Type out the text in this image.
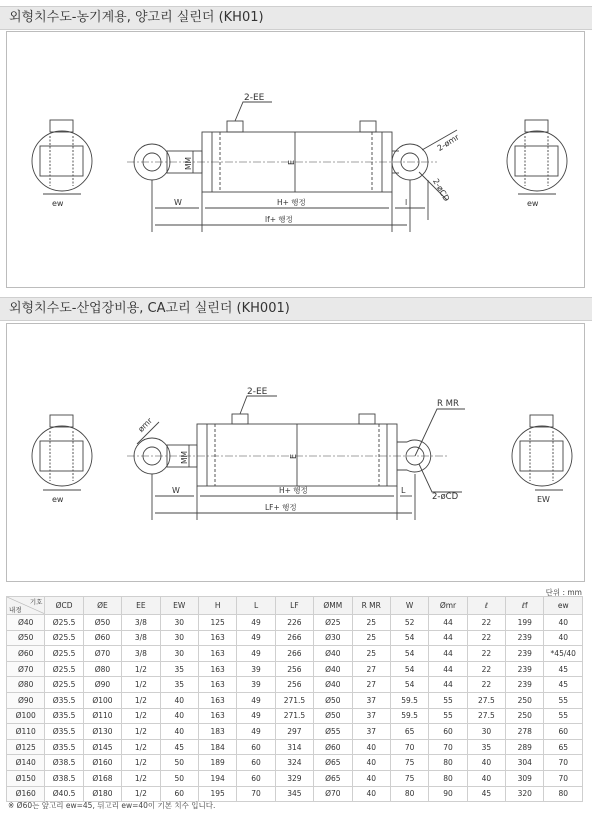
외형치수도-농기계용, 양고리 실린더 (KH01)
2-EE
MM	E
W	H+ 행정	l
lf+ 행정
2-ømr
2-øCD
ew	ew
외형치수도-산업장비용, CA고리 실린더 (KH001)
2-EE
MM	E
W	H+ 행정	L
LF+ 행정
ømr
R MR
2-øCD
ew	EW
단위 : mm
기호
내경	ØCD	ØE	EE	EW	H	L	LF	ØMM	R MR	W	Ømr	ℓ	ℓf	ew
Ø40	Ø25.5	Ø50	3/8	30	125	49	226	Ø25	25	52	44	22	199	40
Ø50	Ø25.5	Ø60	3/8	30	163	49	266	Ø30	25	54	44	22	239	40
Ø60	Ø25.5	Ø70	3/8	30	163	49	266	Ø40	25	54	44	22	239	*45/40
Ø70	Ø25.5	Ø80	1/2	35	163	39	256	Ø40	27	54	44	22	239	45
Ø80	Ø25.5	Ø90	1/2	35	163	39	256	Ø40	27	54	44	22	239	45
Ø90	Ø35.5	Ø100	1/2	40	163	49	271.5	Ø50	37	59.5	55	27.5	250	55
Ø100	Ø35.5	Ø110	1/2	40	163	49	271.5	Ø50	37	59.5	55	27.5	250	55
Ø110	Ø35.5	Ø130	1/2	40	183	49	297	Ø55	37	65	60	30	278	60
Ø125	Ø35.5	Ø145	1/2	45	184	60	314	Ø60	40	70	70	35	289	65
Ø140	Ø38.5	Ø160	1/2	50	189	60	324	Ø65	40	75	80	40	304	70
Ø150	Ø38.5	Ø168	1/2	50	194	60	329	Ø65	40	75	80	40	309	70
Ø160	Ø40.5	Ø180	1/2	60	195	70	345	Ø70	40	80	90	45	320	80
※ Ø60는 앞고리 ew=45, 뒤고리 ew=40이 기본 치수 입니다.
